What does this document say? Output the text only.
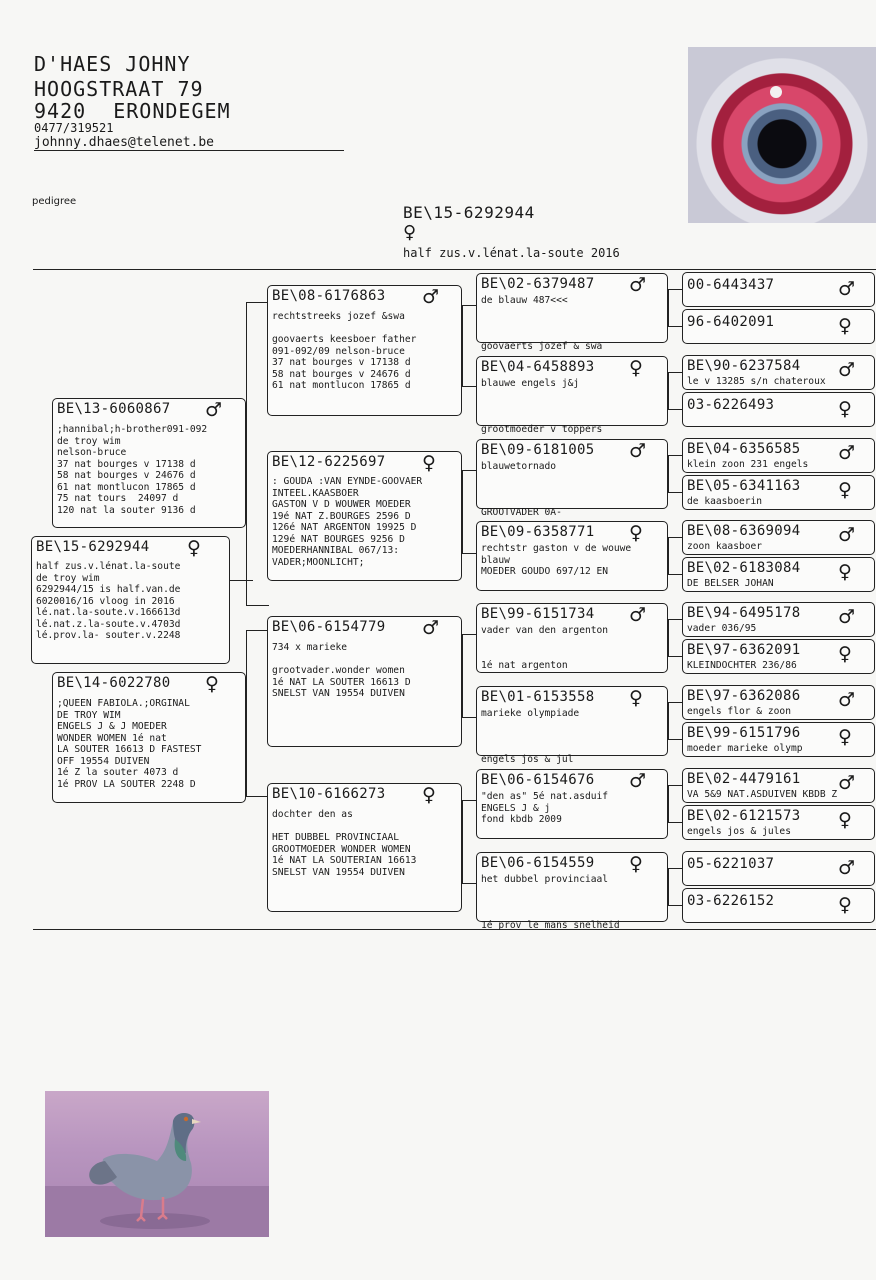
D'HAES JOHNY
HOOGSTRAAT 79
9420 ERONDEGEM
0477/319521
johnny.dhaes@telenet.be
pedigree
BE\15-6292944
♀
half zus.v.lénat.la-soute 2016
BE\13-6060867 ♂
;hannibal;h-brother091-092
de troy wim
nelson-bruce
37 nat bourges v 17138 d
58 nat bourges v 24676 d
61 nat montlucon 17865 d
75 nat tours  24097 d
120 nat la souter 9136 d
BE\15-6292944 ♀
half zus.v.lénat.la-soute
de troy wim
6292944/15 is half.van.de
6020016/16 vloog in 2016
lé.nat.la-soute.v.166613d
lé.nat.z.la-soute.v.4703d
lé.prov.la- souter.v.2248
BE\14-6022780 ♀
;QUEEN FABIOLA.;ORGINAL
DE TROY WIM
ENGELS J & J MOEDER
WONDER WOMEN 1é nat
LA SOUTER 16613 D FASTEST
OFF 19554 DUIVEN
1é Z la souter 4073 d
1é PROV LA SOUTER 2248 D
BE\08-6176863 ♂
rechtstreeks jozef &swa

goovaerts keesboer father
091-092/09 nelson-bruce
37 nat bourges v 17138 d
58 nat bourges v 24676 d
61 nat montlucon 17865 d
BE\12-6225697 ♀
: GOUDA :VAN EYNDE-GOOVAER
INTEEL.KAASBOER
GASTON V D WOUWER MOEDER
19é NAT Z.BOURGES 2596 D
126é NAT ARGENTON 19925 D
129é NAT BOURGES 9256 D
MOEDERHANNIBAL 067/13:
VADER;MOONLICHT;
BE\06-6154779 ♂
734 x marieke

grootvader.wonder women
1é NAT LA SOUTER 16613 D
SNELST VAN 19554 DUIVEN
BE\10-6166273 ♀
dochter den as

HET DUBBEL PROVINCIAAL
GROOTMOEDER WONDER WOMEN
1é NAT LA SOUTERIAN 16613
SNELST VAN 19554 DUIVEN
BE\02-6379487 ♂
de blauw 487<<<

goovaerts jozef & swa
BE\04-6458893 ♀
blauwe engels j&j

grootmoeder v toppers
BE\09-6181005 ♂
blauwetornado

GROOTVADER 0A-
BE\09-6358771 ♀
rechtstr gaston v de wouwe
blauw
MOEDER GOUDO 697/12 EN
BE\99-6151734 ♂
vader van den argenton

1é nat argenton
BE\01-6153558 ♀
marieke olympiade

engels jos & jul
BE\06-6154676 ♂
"den as" 5é nat.asduif
ENGELS J & j
fond kbdb 2009
BE\06-6154559 ♀
het dubbel provinciaal

1é prov le mans snelheid
00-6443437	♂
96-6402091	♀
BE\90-6237584 ♂
le v 13285 s/n chateroux
03-6226493	♀
BE\04-6356585 ♂
klein zoon 231 engels
BE\05-6341163 ♀
de kaasboerin
BE\08-6369094 ♂
zoon kaasboer
BE\02-6183084 ♀
DE BELSER JOHAN
BE\94-6495178 ♂
vader 036/95
BE\97-6362091 ♀
KLEINDOCHTER 236/86
BE\97-6362086 ♂
engels flor & zoon
BE\99-6151796 ♀
moeder marieke olymp
BE\02-4479161 ♂
VA 5&9 NAT.ASDUIVEN KBDB Z
BE\02-6121573 ♀
engels jos & jules
05-6221037	♂
03-6226152	♀
